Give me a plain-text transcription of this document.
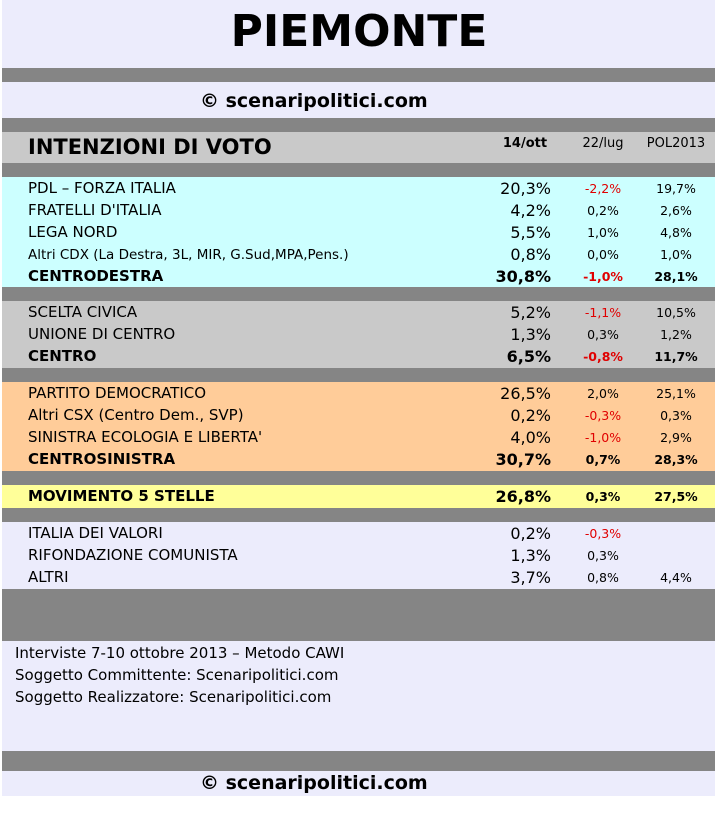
PIEMONTE
© scenaripolitici.com
© scenaripolitici.com
INTENZIONI DI VOTO	14/ott	22/lug	POL2013
PDL – FORZA ITALIA	20,3%	-2,2%	19,7%
FRATELLI D'ITALIA	4,2%	0,2%	2,6%
LEGA NORD	5,5%	1,0%	4,8%
Altri CDX (La Destra, 3L, MIR, G.Sud,MPA,Pens.)	0,8%	0,0%	1,0%
CENTRODESTRA	30,8%	-1,0%	28,1%
SCELTA CIVICA	5,2%	-1,1%	10,5%
UNIONE DI CENTRO	1,3%	0,3%	1,2%
CENTRO	6,5%	-0,8%	11,7%
PARTITO DEMOCRATICO	26,5%	2,0%	25,1%
Altri CSX (Centro Dem., SVP)	0,2%	-0,3%	0,3%
SINISTRA ECOLOGIA E LIBERTA'	4,0%	-1,0%	2,9%
CENTROSINISTRA	30,7%	0,7%	28,3%
MOVIMENTO 5 STELLE	26,8%	0,3%	27,5%
ITALIA DEI VALORI	0,2%	-0,3%
RIFONDAZIONE COMUNISTA	1,3%	0,3%
ALTRI	3,7%	0,8%	4,4%
Interviste 7-10 ottobre 2013 – Metodo CAWI
Soggetto Committente: Scenaripolitici.com
Soggetto Realizzatore: Scenaripolitici.com
